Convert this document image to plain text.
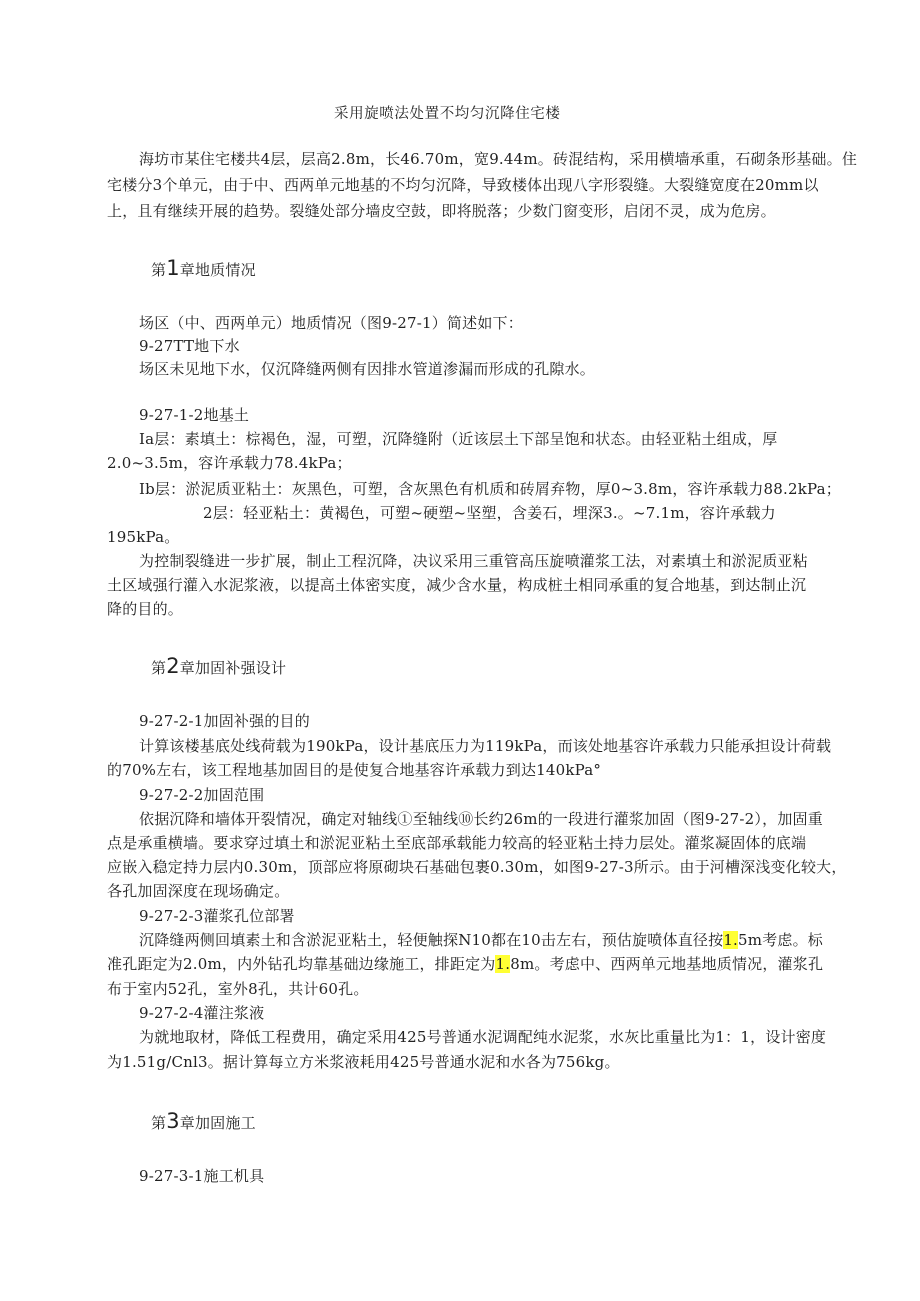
采用旋喷法处置不均匀沉降住宅楼
海坊市某住宅楼共4层，层高2.8m，长46.70m，宽9.44m。砖混结构，采用横墙承重，石砌条形基础。住
宅楼分3个单元，由于中、西两单元地基的不均匀沉降，导致楼体出现八字形裂缝。大裂缝宽度在20mm以
上，且有继续开展的趋势。裂缝处部分墙皮空鼓，即将脱落；少数门窗变形，启闭不灵，成为危房。
第1章地质情况
场区（中、西两单元）地质情况（图9-27-1）简述如下：
9-27TT地下水
场区未见地下水，仅沉降缝两侧有因排水管道渗漏而形成的孔隙水。
9-27-1-2地基土
Ia层：素填土：棕褐色，湿，可塑，沉降缝附（近该层土下部呈饱和状态。由轻亚粘土组成，厚
2.0~3.5m，容许承载力78.4kPa；
Ib层：淤泥质亚粘土：灰黑色，可塑，含灰黑色有机质和砖屑弃物，厚0~3.8m，容许承载力88.2kPa；
2层：轻亚粘土：黄褐色，可塑~硬塑~坚塑，含姜石，埋深3.。~7.1m，容许承载力
195kPa。
为控制裂缝进一步扩展，制止工程沉降，决议采用三重管高压旋喷灌浆工法，对素填土和淤泥质亚粘
土区域强行灌入水泥浆液，以提高土体密实度，减少含水量，构成桩土相同承重的复合地基，到达制止沉
降的目的。
第2章加固补强设计
9-27-2-1加固补强的目的
计算该楼基底处线荷载为190kPa，设计基底压力为119kPa，而该处地基容许承载力只能承担设计荷载
的70%左右，该工程地基加固目的是使复合地基容许承载力到达140kPa°
9-27-2-2加固范围
依据沉降和墙体开裂情况，确定对轴线①至轴线⑩长约26m的一段进行灌浆加固（图9-27-2），加固重
点是承重横墙。要求穿过填土和淤泥亚粘土至底部承载能力较高的轻亚粘土持力层处。灌浆凝固体的底端
应嵌入稳定持力层内0.30m，顶部应将原砌块石基础包裹0.30m，如图9-27-3所示。由于河槽深浅变化较大，
各孔加固深度在现场确定。
9-27-2-3灌浆孔位部署
沉降缝两侧回填素土和含淤泥亚粘土，轻便触探N10都在10击左右，预估旋喷体直径按1.5m考虑。标
准孔距定为2.0m，内外钻孔均靠基础边缘施工，排距定为1.8m。考虑中、西两单元地基地质情况，灌浆孔
布于室内52孔，室外8孔，共计60孔。
9-27-2-4灌注浆液
为就地取材，降低工程费用，确定采用425号普通水泥调配纯水泥浆，水灰比重量比为1：1，设计密度
为1.51g/Cnl3。据计算每立方米浆液耗用425号普通水泥和水各为756kg。
第3章加固施工
9-27-3-1施工机具
